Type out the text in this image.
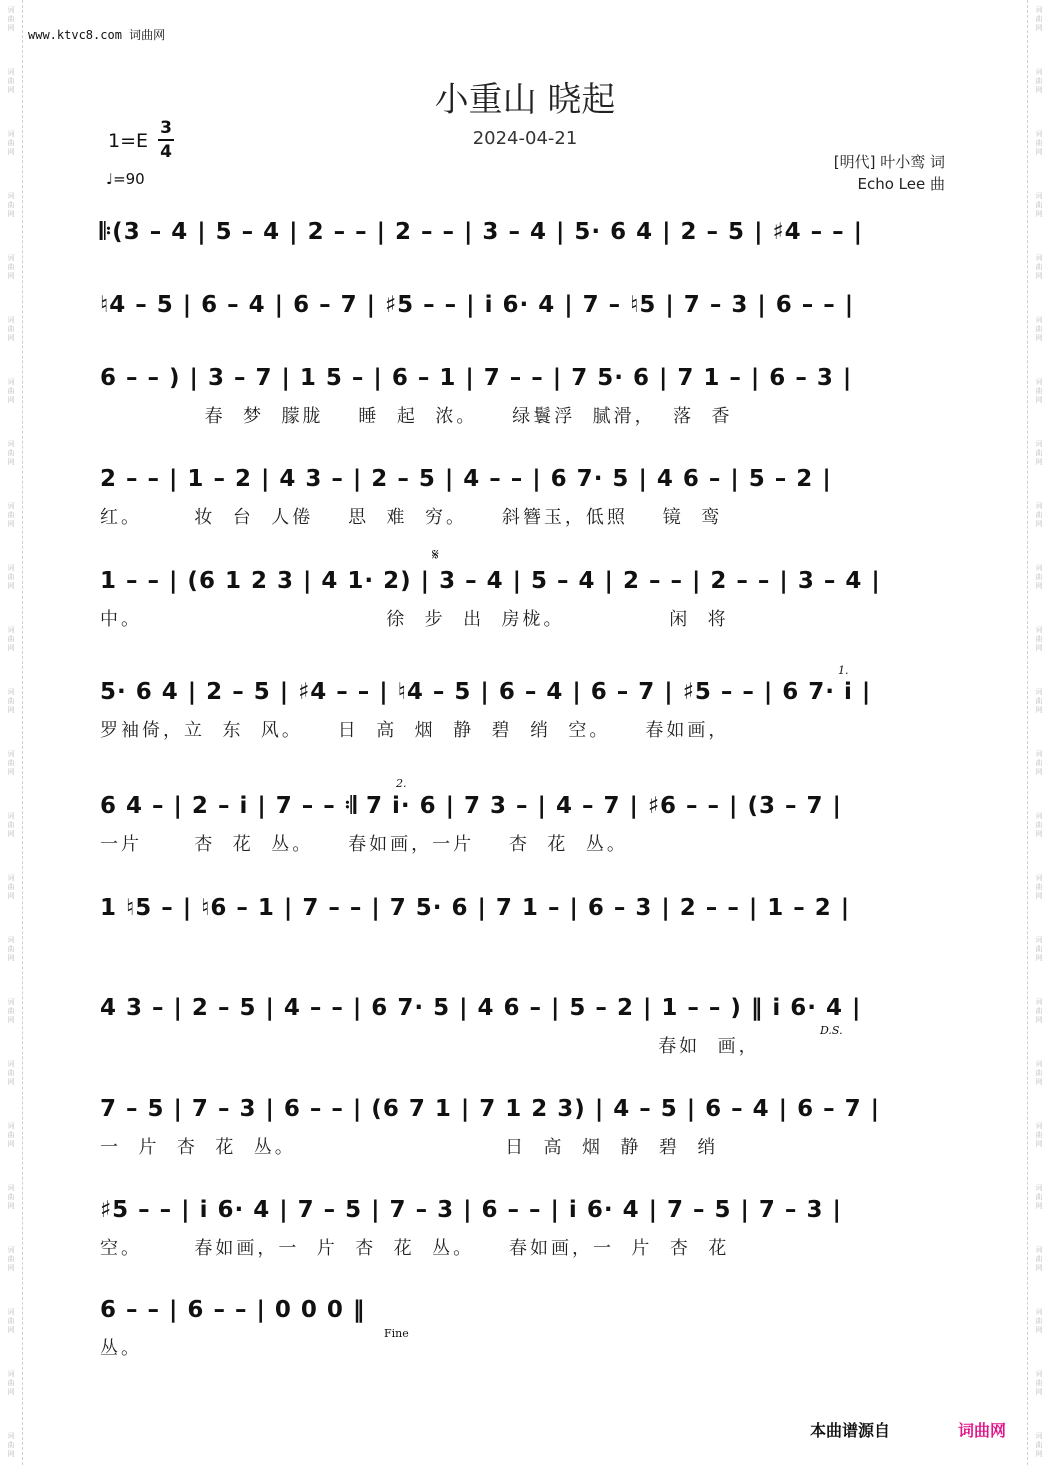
词
曲
网
词
曲
网
词
曲
网
词
曲
网
词
曲
网
词
曲
网
词
曲
网
词
曲
网
词
曲
网
词
曲
网
词
曲
网
词
曲
网
词
曲
网
词
曲
网
词
曲
网
词
曲
网
词
曲
网
词
曲
网
词
曲
网
词
曲
网
词
曲
网
词
曲
网
词
曲
网
词
曲
网
词
曲
网
词
曲
网
词
曲
网
词
曲
网
词
曲
网
词
曲
网
词
曲
网
词
曲
网
词
曲
网
词
曲
网
词
曲
网
词
曲
网
词
曲
网
词
曲
网
词
曲
网
词
曲
网
词
曲
网
词
曲
网
词
曲
网
词
曲
网
词
曲
网
词
曲
网
词
曲
网
词
曲
网
www.ktvc8.com 词曲网
小重山 晓起
2024-04-21
1=E
3
4
♩=90
[明代] 叶小鸾 词
Echo Lee 曲
𝄆(3 – 4 | 5 – 4 | 2 – – | 2 – – | 3 – 4 | 5· 6 4 | 2 – 5 | ♯4 – – |
♮4 – 5 | 6 – 4 | 6 – 7 | ♯5 – – | i 6· 4 | 7 – ♮5 | 7 – 3 | 6 – – |
6 – – ) | 3 – 7 | 1 5 – | 6 – 1 | 7 – – | 7 5· 6 | 7 1 – | 6 – 3 |
春  梦  朦胧    睡  起  浓。    绿鬟浮  腻滑，  落  香
2 – – | 1 – 2 | 4 3 – | 2 – 5 | 4 – – | 6 7· 5 | 4 6 – | 5 – 2 |
红。      妆  台  人倦    思  难  穷。    斜簪玉，低照    镜  鸾
1 – – | (6 1 2 3 | 4 1· 2) | 3 – 4 | 5 – 4 | 2 – – | 2 – – | 3 – 4 |
中。                            徐  步  出  房栊。            闲  将
5· 6 4 | 2 – 5 | ♯4 – – | ♮4 – 5 | 6 – 4 | 6 – 7 | ♯5 – – | 6 7· i |
罗袖倚，立  东  风。    日  高  烟  静  碧  绡  空。    春如画，
6 4 – | 2 – i | 7 – – 𝄇 7 i· 6 | 7 3 – | 4 – 7 | ♯6 – – | (3 – 7 |
一片      杏  花  丛。    春如画，一片    杏  花  丛。
1 ♮5 – | ♮6 – 1 | 7 – – | 7 5· 6 | 7 1 – | 6 – 3 | 2 – – | 1 – 2 |
4 3 – | 2 – 5 | 4 – – | 6 7· 5 | 4 6 – | 5 – 2 | 1 – – ) ‖ i 6· 4 |
春如  画，
7 – 5 | 7 – 3 | 6 – – | (6 7 1 | 7 1 2 3) | 4 – 5 | 6 – 4 | 6 – 7 |
一  片  杏  花  丛。                        日  高  烟  静  碧  绡
♯5 – – | i 6· 4 | 7 – 5 | 7 – 3 | 6 – – | i 6· 4 | 7 – 5 | 7 – 3 |
空。      春如画，一  片  杏  花  丛。    春如画，一  片  杏  花
6 – – | 6 – – | 0 0 0 ‖
丛。
1.
2.
𝄋
D.S.
Fine
本曲谱源自	词曲网
